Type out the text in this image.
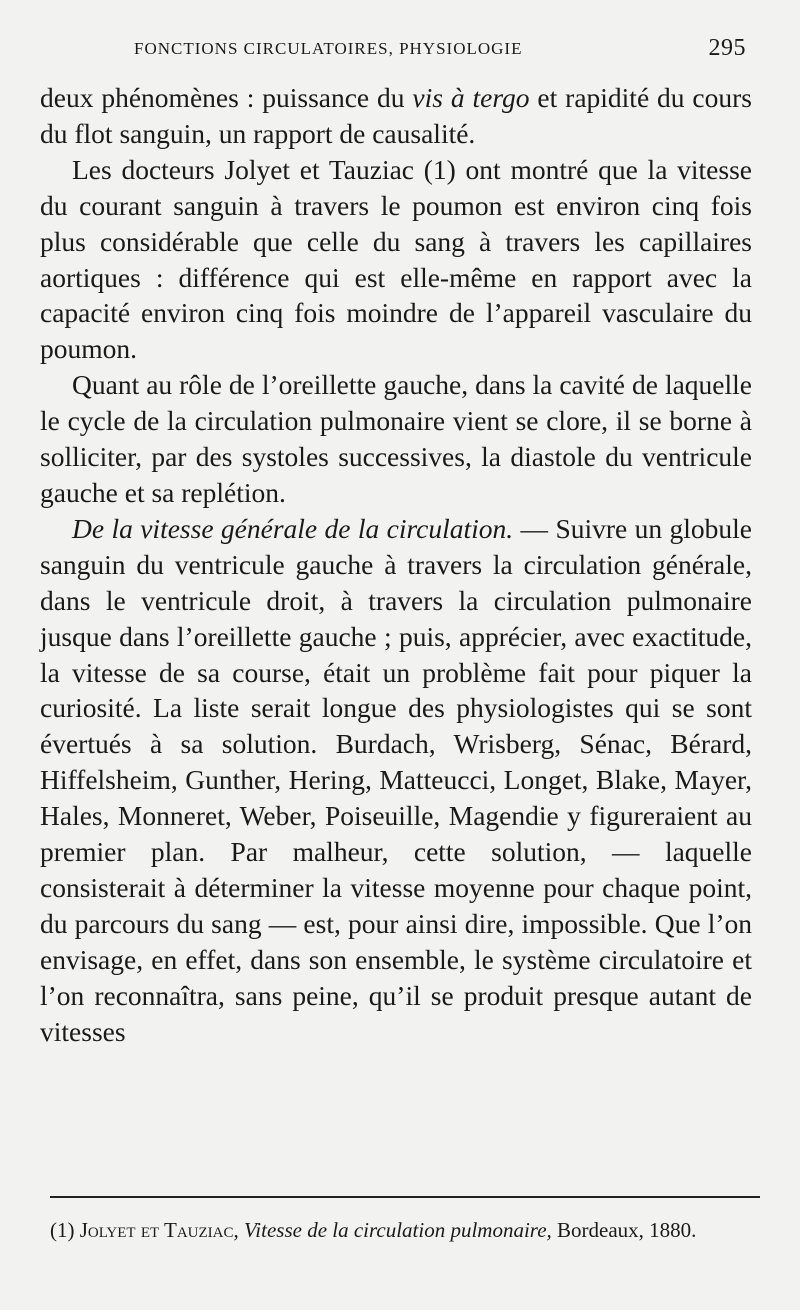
FONCTIONS CIRCULATOIRES, PHYSIOLOGIE	295

deux phénomènes : puissance du vis à tergo et rapidité du cours du flot sanguin, un rapport de causalité.

Les docteurs Jolyet et Tauziac (1) ont montré que la vitesse du courant sanguin à travers le poumon est environ cinq fois plus considérable que celle du sang à travers les capillaires aortiques : différence qui est elle-même en rapport avec la capacité environ cinq fois moindre de l’appareil vasculaire du poumon.

Quant au rôle de l’oreillette gauche, dans la cavité de laquelle le cycle de la circulation pulmonaire vient se clore, il se borne à solliciter, par des systoles successives, la diastole du ventricule gauche et sa replétion.

De la vitesse générale de la circulation. — Suivre un globule sanguin du ventricule gauche à travers la circulation générale, dans le ventricule droit, à travers la circulation pulmonaire jusque dans l’oreillette gauche ; puis, apprécier, avec exactitude, la vitesse de sa course, était un problème fait pour piquer la curiosité. La liste serait longue des physiologistes qui se sont évertués à sa solution. Burdach, Wrisberg, Sénac, Bérard, Hiffelsheim, Gunther, Hering, Matteucci, Longet, Blake, Mayer, Hales, Monneret, Weber, Poiseuille, Magendie y figureraient au premier plan. Par malheur, cette solution, — laquelle consisterait à déterminer la vitesse moyenne pour chaque point, du parcours du sang — est, pour ainsi dire, impossible. Que l’on envisage, en effet, dans son ensemble, le système circulatoire et l’on reconnaîtra, sans peine, qu’il se produit presque autant de vitesses

(1) Jolyet et Tauziac, Vitesse de la circulation pulmonaire, Bordeaux, 1880.
